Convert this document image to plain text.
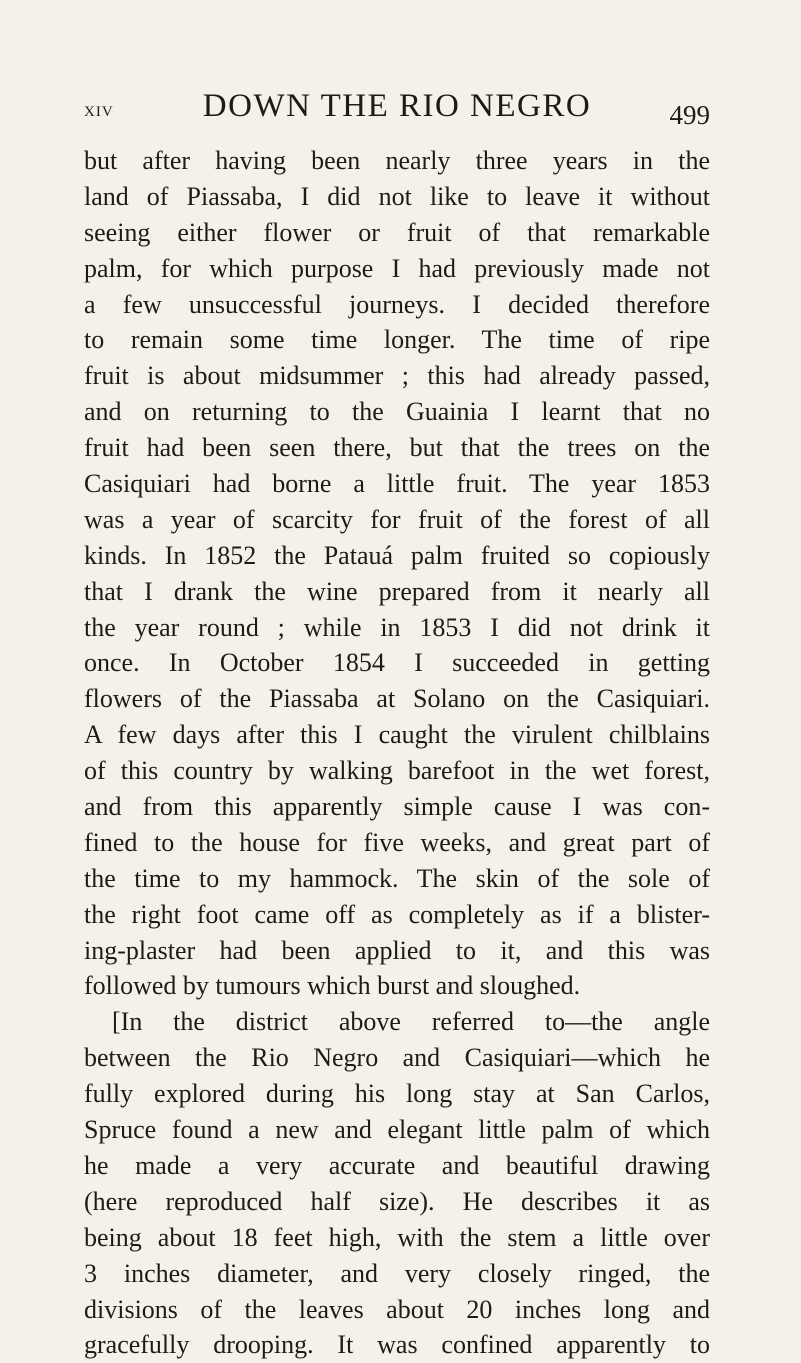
XIV	DOWN THE RIO NEGRO	499
but after having been nearly three years in the
land of Piassaba, I did not like to leave it without
seeing either flower or fruit of that remarkable
palm, for which purpose I had previously made not
a few unsuccessful journeys. I decided therefore
to remain some time longer. The time of ripe
fruit is about midsummer ; this had already passed,
and on returning to the Guainia I learnt that no
fruit had been seen there, but that the trees on the
Casiquiari had borne a little fruit. The year 1853
was a year of scarcity for fruit of the forest of all
kinds. In 1852 the Patauá palm fruited so copiously
that I drank the wine prepared from it nearly all
the year round ; while in 1853 I did not drink it
once. In October 1854 I succeeded in getting
flowers of the Piassaba at Solano on the Casiquiari.
A few days after this I caught the virulent chilblains
of this country by walking barefoot in the wet forest,
and from this apparently simple cause I was con-
fined to the house for five weeks, and great part of
the time to my hammock. The skin of the sole of
the right foot came off as completely as if a blister-
ing-plaster had been applied to it, and this was
followed by tumours which burst and sloughed.
[In the district above referred to—the angle
between the Rio Negro and Casiquiari—which he
fully explored during his long stay at San Carlos,
Spruce found a new and elegant little palm of which
he made a very accurate and beautiful drawing
(here reproduced half size). He describes it as
being about 18 feet high, with the stem a little over
3 inches diameter, and very closely ringed, the
divisions of the leaves about 20 inches long and
gracefully drooping. It was confined apparently to
